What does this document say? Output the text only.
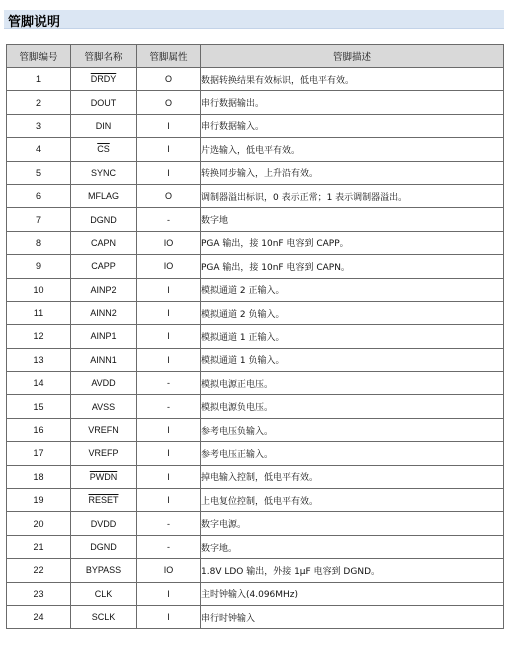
管脚说明
管脚编号	管脚名称	管脚属性	管脚描述
1	DRDY	O	数据转换结果有效标识，低电平有效。
2	DOUT	O	串行数据输出。
3	DIN	I	串行数据输入。
4	$\overline{CS}$	I	片选输入，低电平有效。
5	SYNC	I	转换同步输入，上升沿有效。
6	MFLAG	O	调制器溢出标识，0 表示正常；1 表示调制器溢出。
7	DGND	-	数字地
8	CAPN	IO	PGA 输出，接 10nF 电容到 CAPP。
9	CAPP	IO	PGA 输出，接 10nF 电容到 CAPN。
10	AINP2	I	模拟通道 2 正输入。
11	AINN2	I	模拟通道 2 负输入。
12	AINP1	I	模拟通道 1 正输入。
13	AINN1	I	模拟通道 1 负输入。
14	AVDD	-	模拟电源正电压。
15	AVSS	-	模拟电源负电压。
16	VREFN	I	参考电压负输入。
17	VREFP	I	参考电压正输入。
18	PWDN	I	掉电输入控制，低电平有效。
19	RESET	I	上电复位控制，低电平有效。
20	DVDD	-	数字电源。
21	DGND	-	数字地。
22	BYPASS	IO	1.8V LDO 输出，外接 1μF 电容到 DGND。
23	CLK	I	主时钟输入(4.096MHz)
24	SCLK	I	串行时钟输入
